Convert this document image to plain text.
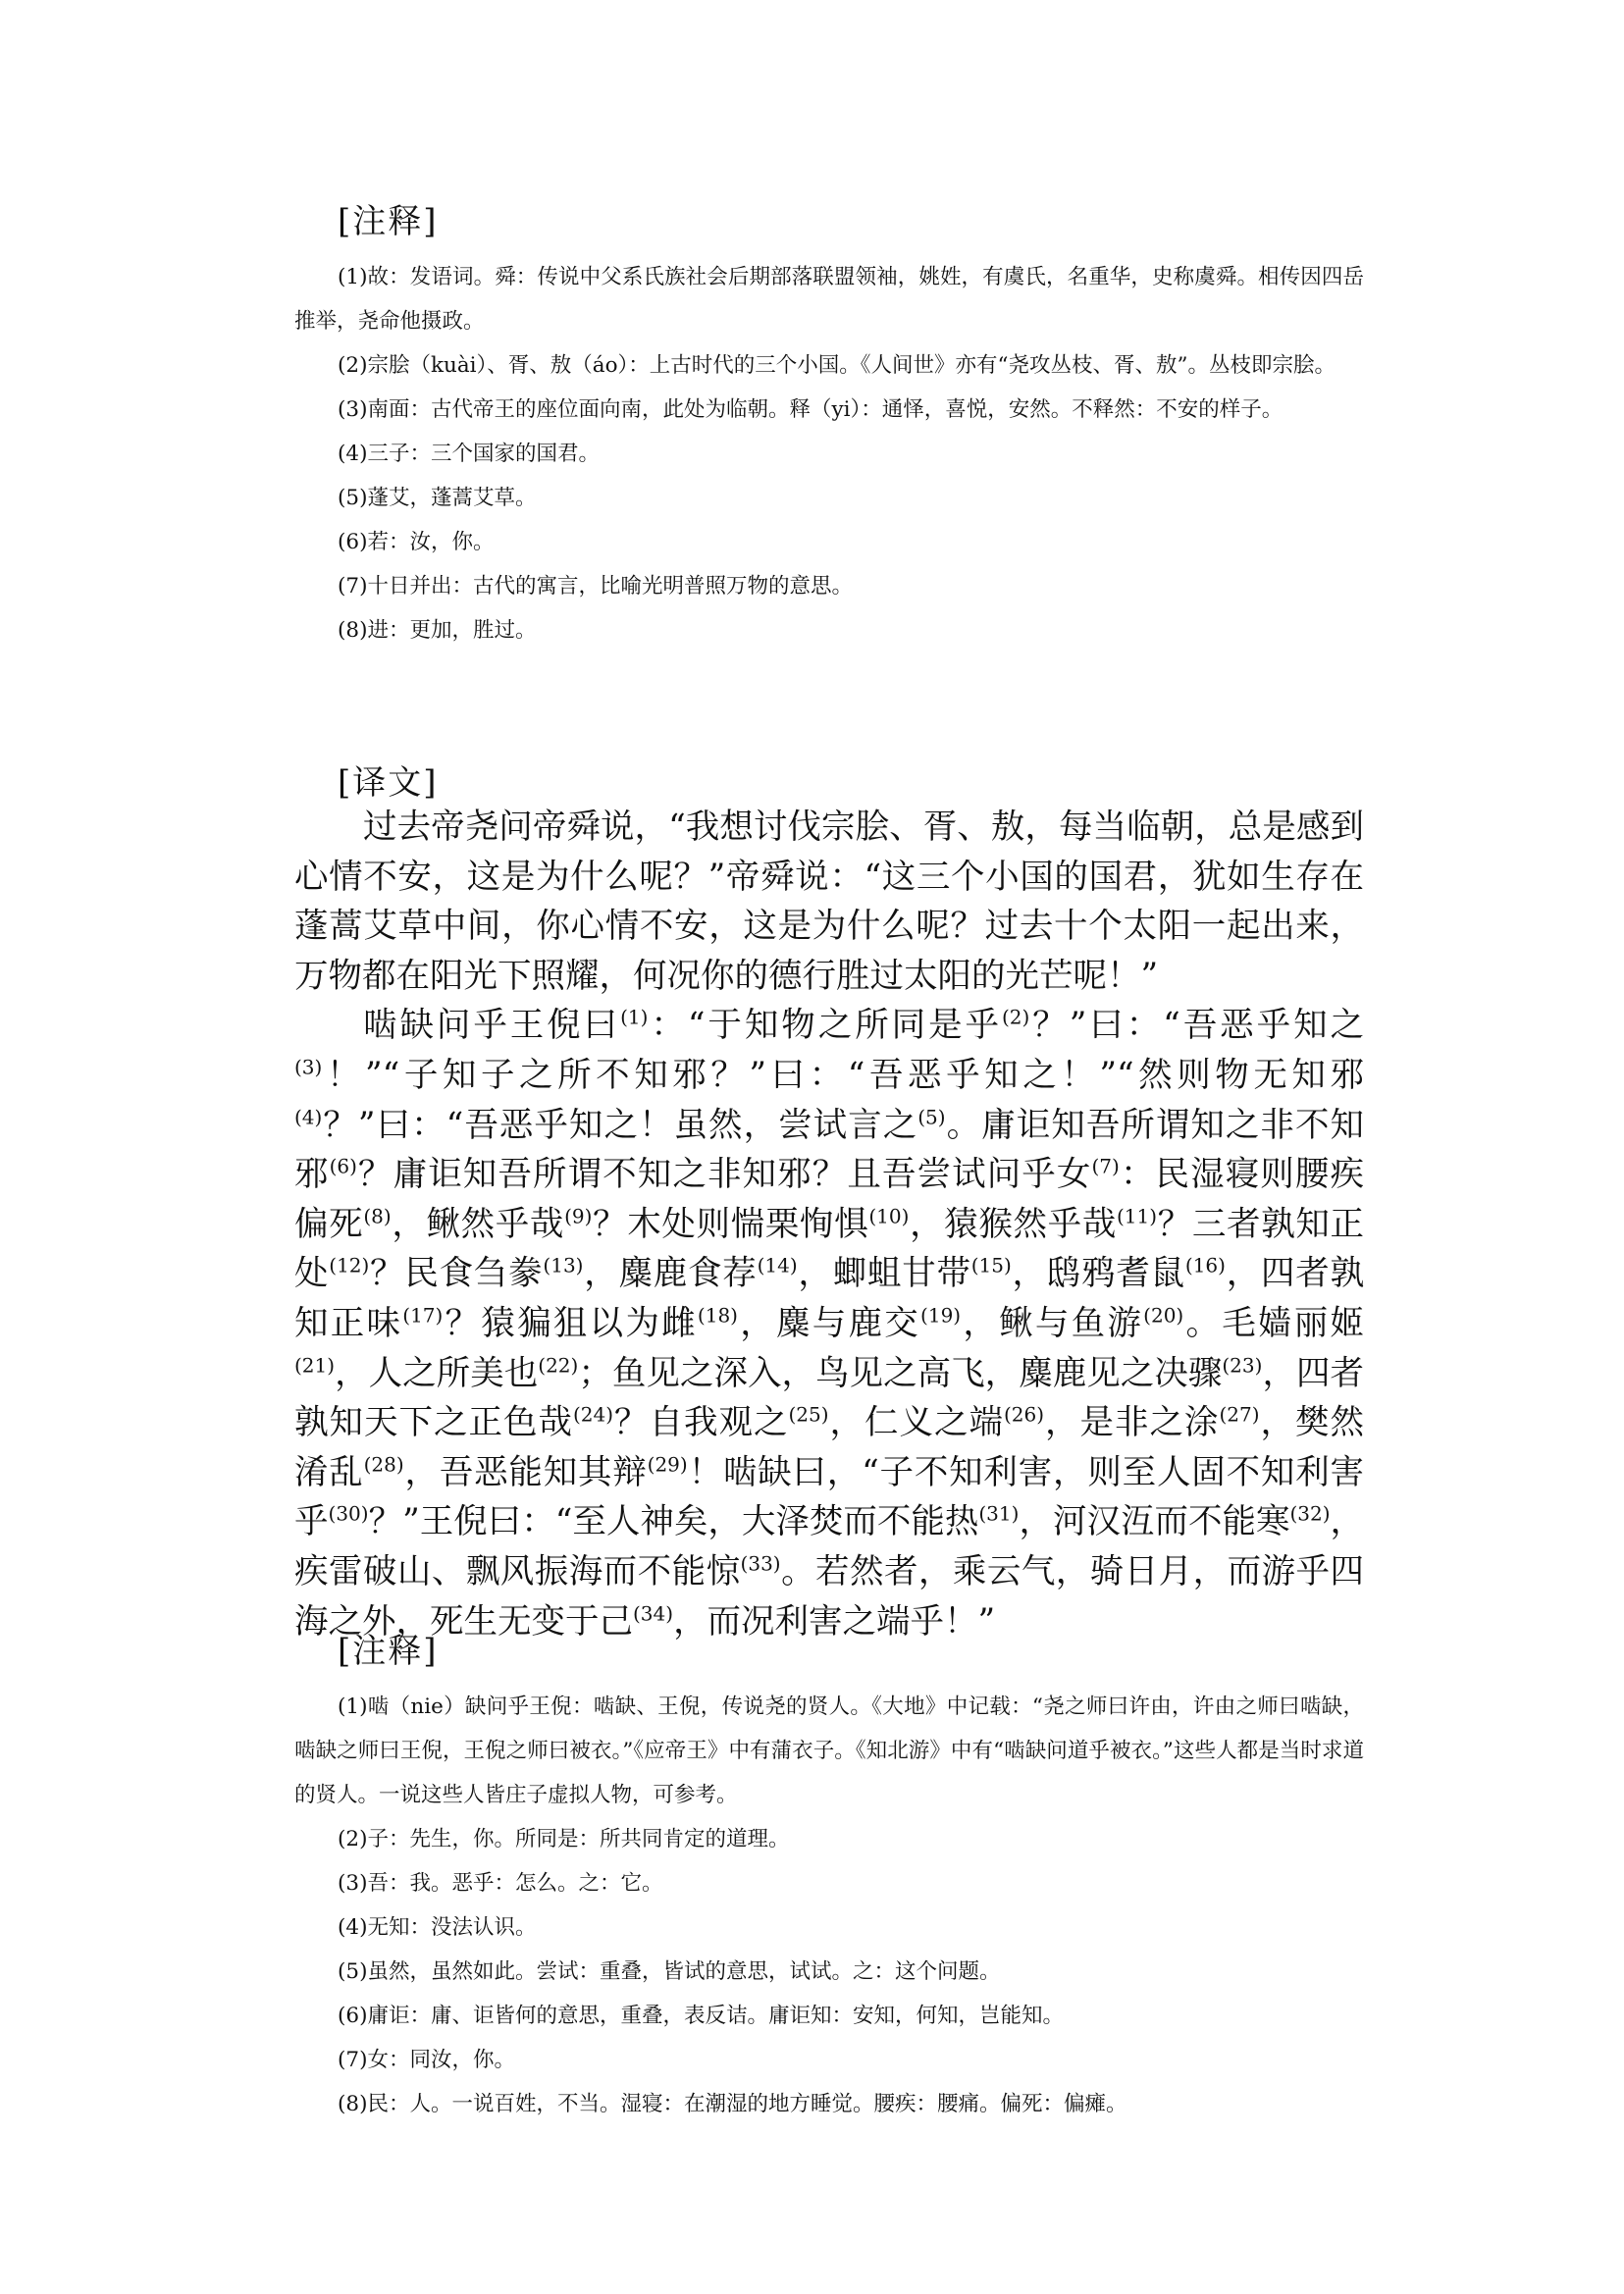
[注释]

(1)故：发语词。舜：传说中父系氏族社会后期部落联盟领袖，姚姓，有虞氏，名重华，史称虞舜。相传因四岳推举，尧命他摄政。

(2)宗脍（kuài）、胥、敖（áo）：上古时代的三个小国。《人间世》亦有“尧攻丛枝、胥、敖”。丛枝即宗脍。

(3)南面：古代帝王的座位面向南，此处为临朝。释（yi）：通怿，喜悦，安然。不释然：不安的样子。

(4)三子：三个国家的国君。

(5)蓬艾，蓬蒿艾草。

(6)若：汝，你。

(7)十日并出：古代的寓言，比喻光明普照万物的意思。

(8)进：更加，胜过。

[译文]

过去帝尧问帝舜说，“我想讨伐宗脍、胥、敖，每当临朝，总是感到心情不安，这是为什么呢？”帝舜说：“这三个小国的国君，犹如生存在蓬蒿艾草中间，你心情不安，这是为什么呢？过去十个太阳一起出来，万物都在阳光下照耀，何况你的德行胜过太阳的光芒呢！”

啮缺问乎王倪曰$^{(1)}$：“于知物之所同是乎$^{(2)}$？”曰：“吾恶乎知之$^{(3)}$！”“子知子之所不知邪？”曰：“吾恶乎知之！”“然则物无知邪$^{(4)}$？”曰：“吾恶乎知之！虽然，尝试言之$^{(5)}$。庸讵知吾所谓知之非不知邪$^{(6)}$？庸讵知吾所谓不知之非知邪？且吾尝试问乎女$^{(7)}$：民湿寝则腰疾偏死$^{(8)}$，鳅然乎哉$^{(9)}$？木处则惴栗恂惧$^{(10)}$，猿猴然乎哉$^{(11)}$？三者孰知正处$^{(12)}$？民食刍豢$^{(13)}$，麋鹿食荐$^{(14)}$，蝍蛆甘带$^{(15)}$，鸱鸦耆鼠$^{(16)}$，四者孰知正味$^{(17)}$？猿猵狙以为雌$^{(18)}$，麋与鹿交$^{(19)}$，鳅与鱼游$^{(20)}$。毛嫱丽姬$^{(21)}$，人之所美也$^{(22)}$；鱼见之深入，鸟见之高飞，麋鹿见之决骤$^{(23)}$，四者孰知天下之正色哉$^{(24)}$？自我观之$^{(25)}$，仁义之端$^{(26)}$，是非之涂$^{(27)}$，樊然淆乱$^{(28)}$，吾恶能知其辩$^{(29)}$！啮缺曰，“子不知利害，则至人固不知利害乎$^{(30)}$？”王倪曰：“至人神矣，大泽焚而不能热$^{(31)}$，河汉沍而不能寒$^{(32)}$，疾雷破山、飘风振海而不能惊$^{(33)}$。若然者，乘云气，骑日月，而游乎四海之外，死生无变于己$^{(34)}$，而况利害之端乎！”

[注释]

(1)啮（nie）缺问乎王倪：啮缺、王倪，传说尧的贤人。《大地》中记载：“尧之师曰许由，许由之师曰啮缺，啮缺之师曰王倪，王倪之师曰被衣。”《应帝王》中有蒲衣子。《知北游》中有“啮缺问道乎被衣。”这些人都是当时求道的贤人。一说这些人皆庄子虚拟人物，可参考。

(2)子：先生，你。所同是：所共同肯定的道理。

(3)吾：我。恶乎：怎么。之：它。

(4)无知：没法认识。

(5)虽然，虽然如此。尝试：重叠，皆试的意思，试试。之：这个问题。

(6)庸讵：庸、讵皆何的意思，重叠，表反诘。庸讵知：安知，何知，岂能知。

(7)女：同汝，你。

(8)民：人。一说百姓，不当。湿寝：在潮湿的地方睡觉。腰疾：腰痛。偏死：偏瘫。
